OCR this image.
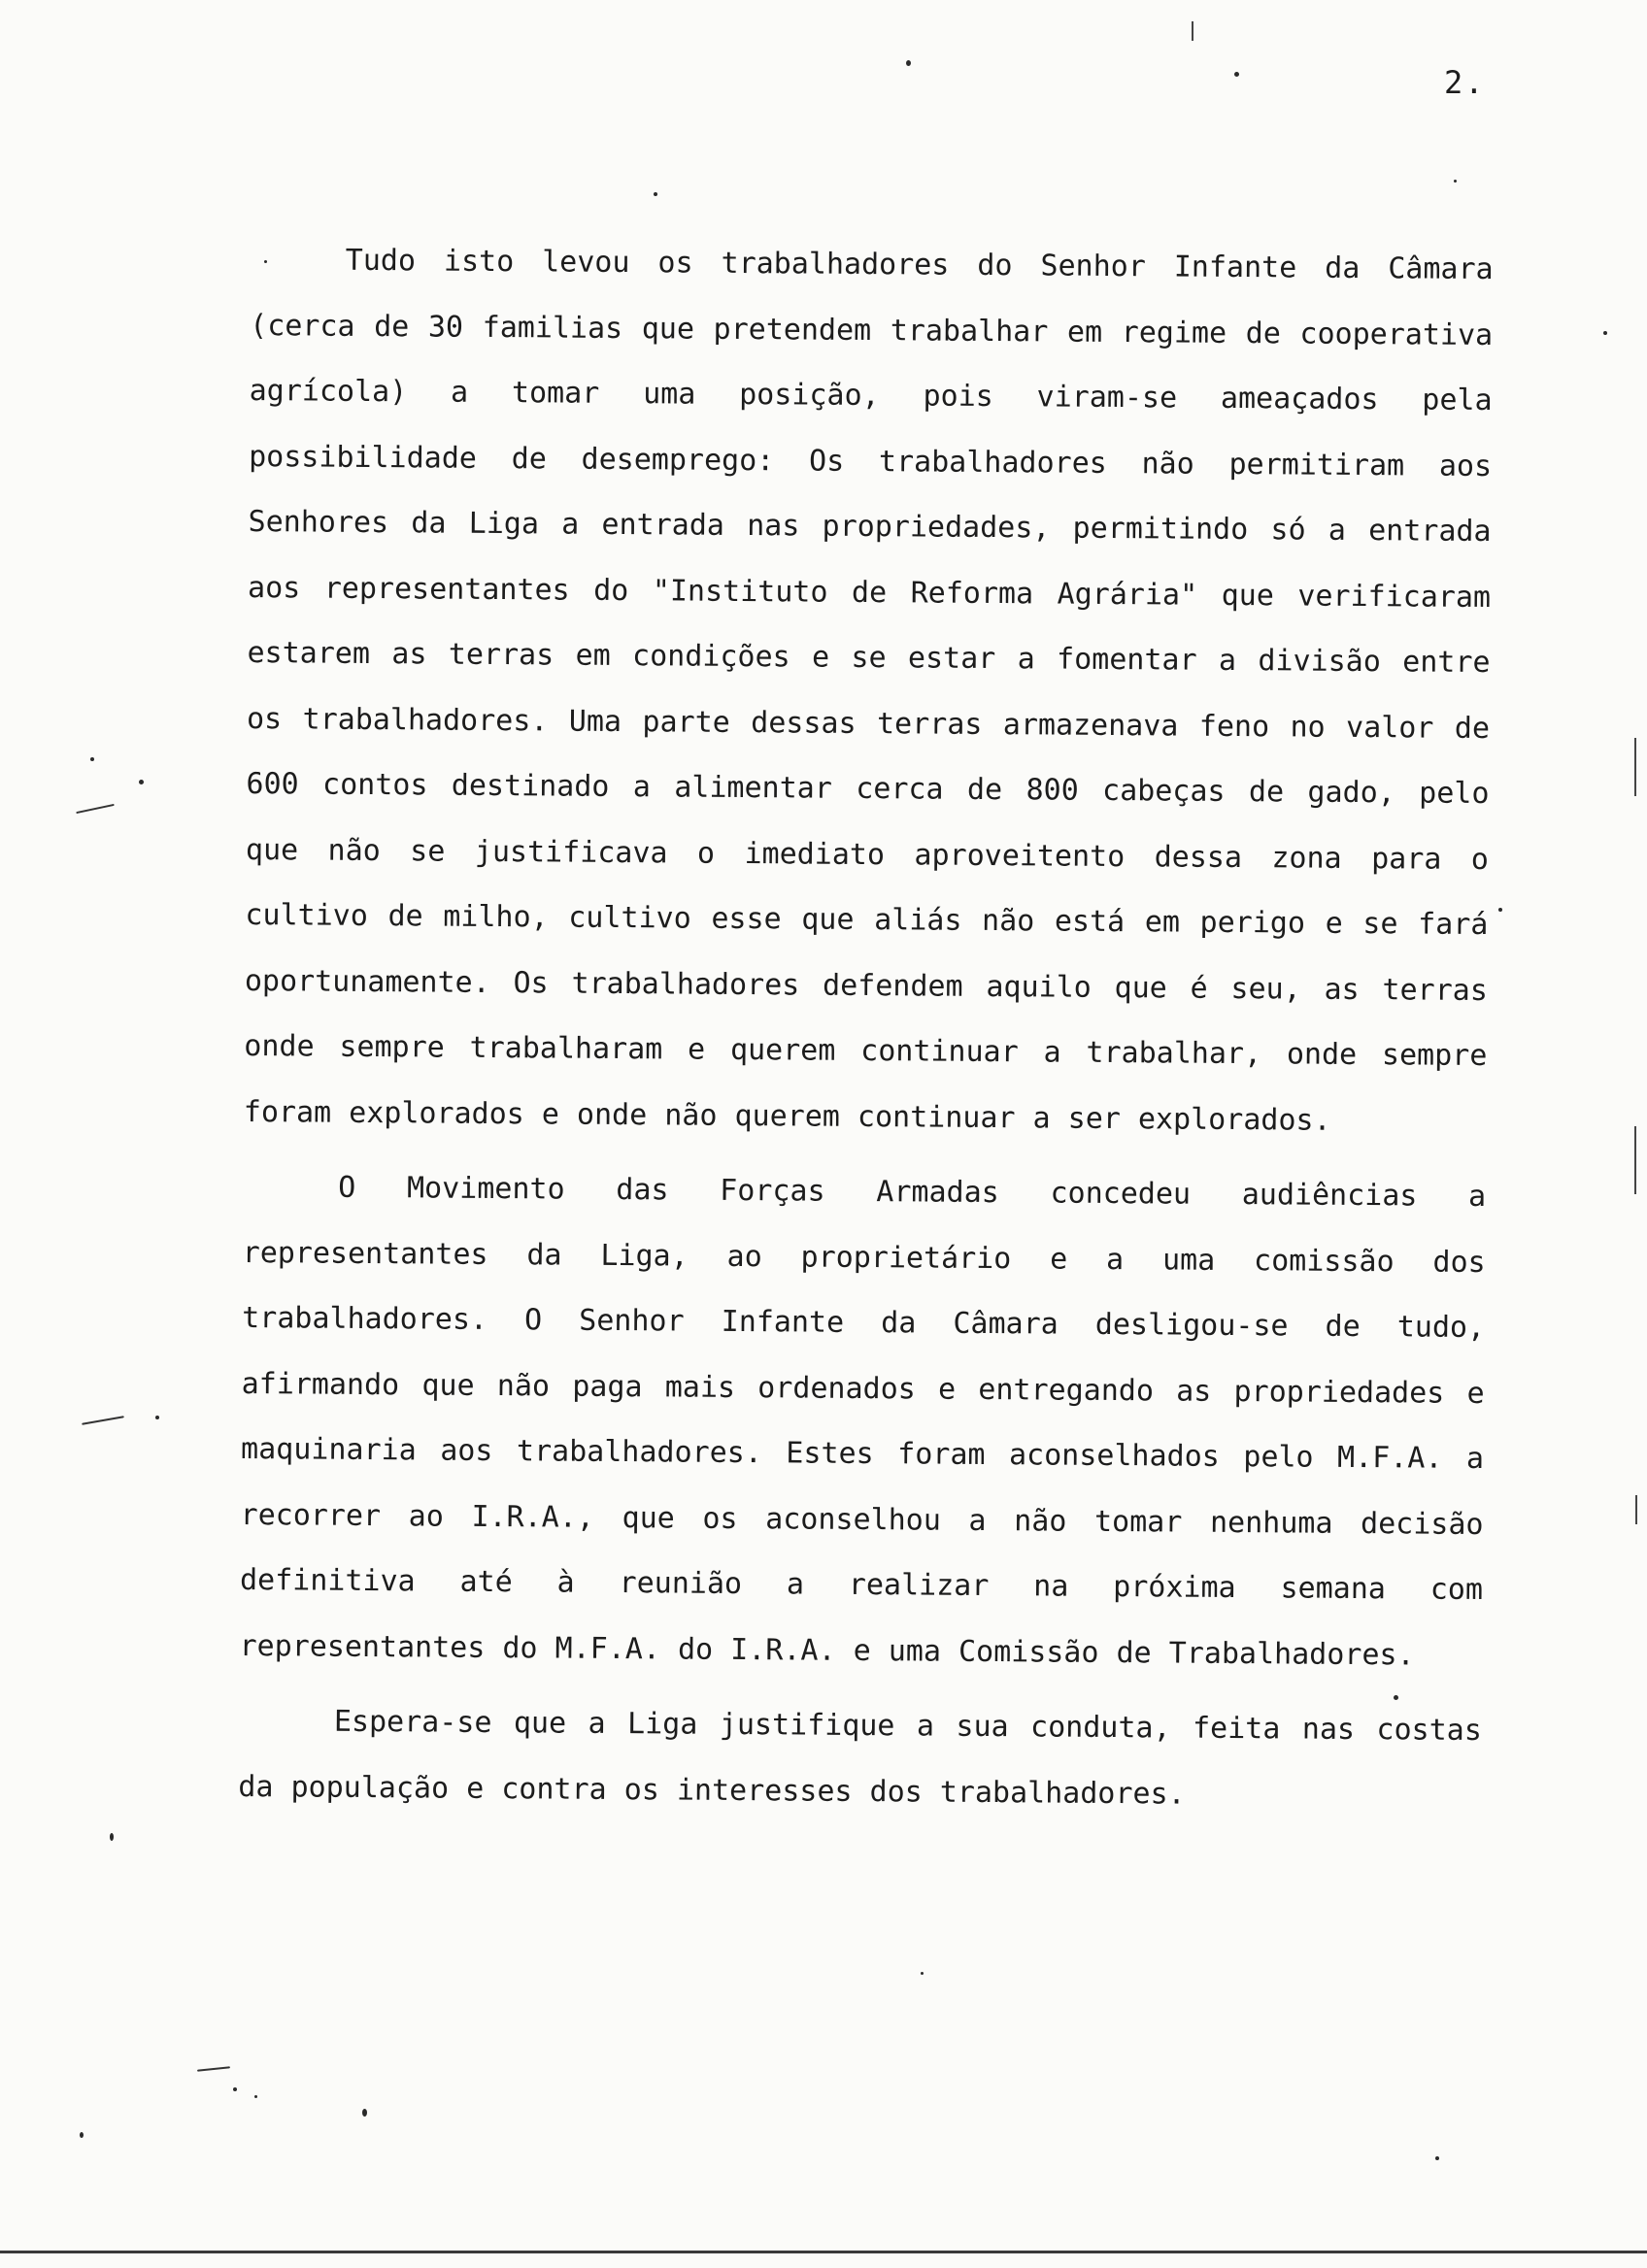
2.

Tudo isto levou os trabalhadores do Senhor Infante da Câmara (cerca de 30 familias que pretendem trabalhar em regime de cooperativa agrícola) a tomar uma posição, pois viram-se ameaçados pela possibilidade de desemprego: Os trabalhadores não permitiram aos Senhores da Liga a entrada nas propriedades, permitindo só a entrada aos representantes do "Instituto de Reforma Agrária" que verificaram estarem as terras em condições e se estar a fomentar a divisão entre os trabalhadores. Uma parte dessas terras armazenava feno no valor de 600 contos destinado a alimentar cerca de 800 cabeças de gado, pelo que não se justificava o imediato aproveitento dessa zona para o cultivo de milho, cultivo esse que aliás não está em perigo e se fará oportunamente. Os trabalhadores defendem aquilo que é seu, as terras onde sempre trabalharam e querem continuar a trabalhar, onde sempre foram explorados e onde não querem continuar a ser explorados.

O Movimento das Forças Armadas concedeu audiências a representantes da Liga, ao proprietário e a uma comissão dos trabalhadores. O Senhor Infante da Câmara desligou-se de tudo, afirmando que não paga mais ordenados e entregando as propriedades e maquinaria aos trabalhadores. Estes foram aconselhados pelo M.F.A. a recorrer ao I.R.A., que os aconselhou a não tomar nenhuma decisão definitiva até à reunião a realizar na próxima semana com representantes do M.F.A. do I.R.A. e uma Comissão de Trabalhadores.

Espera-se que a Liga justifique a sua conduta, feita nas costas da população e contra os interesses dos trabalhadores.
